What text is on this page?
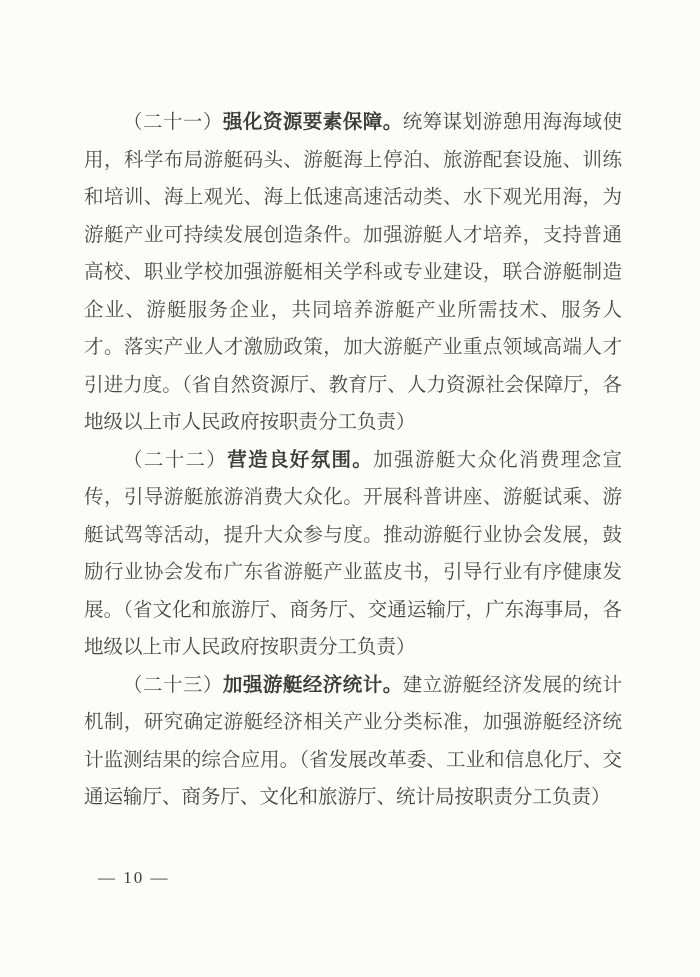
（二十一）强化资源要素保障。统筹谋划游憩用海海域使用，科学布局游艇码头、游艇海上停泊、旅游配套设施、训练和培训、海上观光、海上低速高速活动类、水下观光用海，为游艇产业可持续发展创造条件。加强游艇人才培养，支持普通高校、职业学校加强游艇相关学科或专业建设，联合游艇制造企业、游艇服务企业，共同培养游艇产业所需技术、服务人才。落实产业人才激励政策，加大游艇产业重点领域高端人才引进力度。（省自然资源厅、教育厅、人力资源社会保障厅，各地级以上市人民政府按职责分工负责）

（二十二）营造良好氛围。加强游艇大众化消费理念宣传，引导游艇旅游消费大众化。开展科普讲座、游艇试乘、游艇试驾等活动，提升大众参与度。推动游艇行业协会发展，鼓励行业协会发布广东省游艇产业蓝皮书，引导行业有序健康发展。（省文化和旅游厅、商务厅、交通运输厅，广东海事局，各地级以上市人民政府按职责分工负责）

（二十三）加强游艇经济统计。建立游艇经济发展的统计机制，研究确定游艇经济相关产业分类标准，加强游艇经济统计监测结果的综合应用。（省发展改革委、工业和信息化厅、交通运输厅、商务厅、文化和旅游厅、统计局按职责分工负责）

— 10 —
